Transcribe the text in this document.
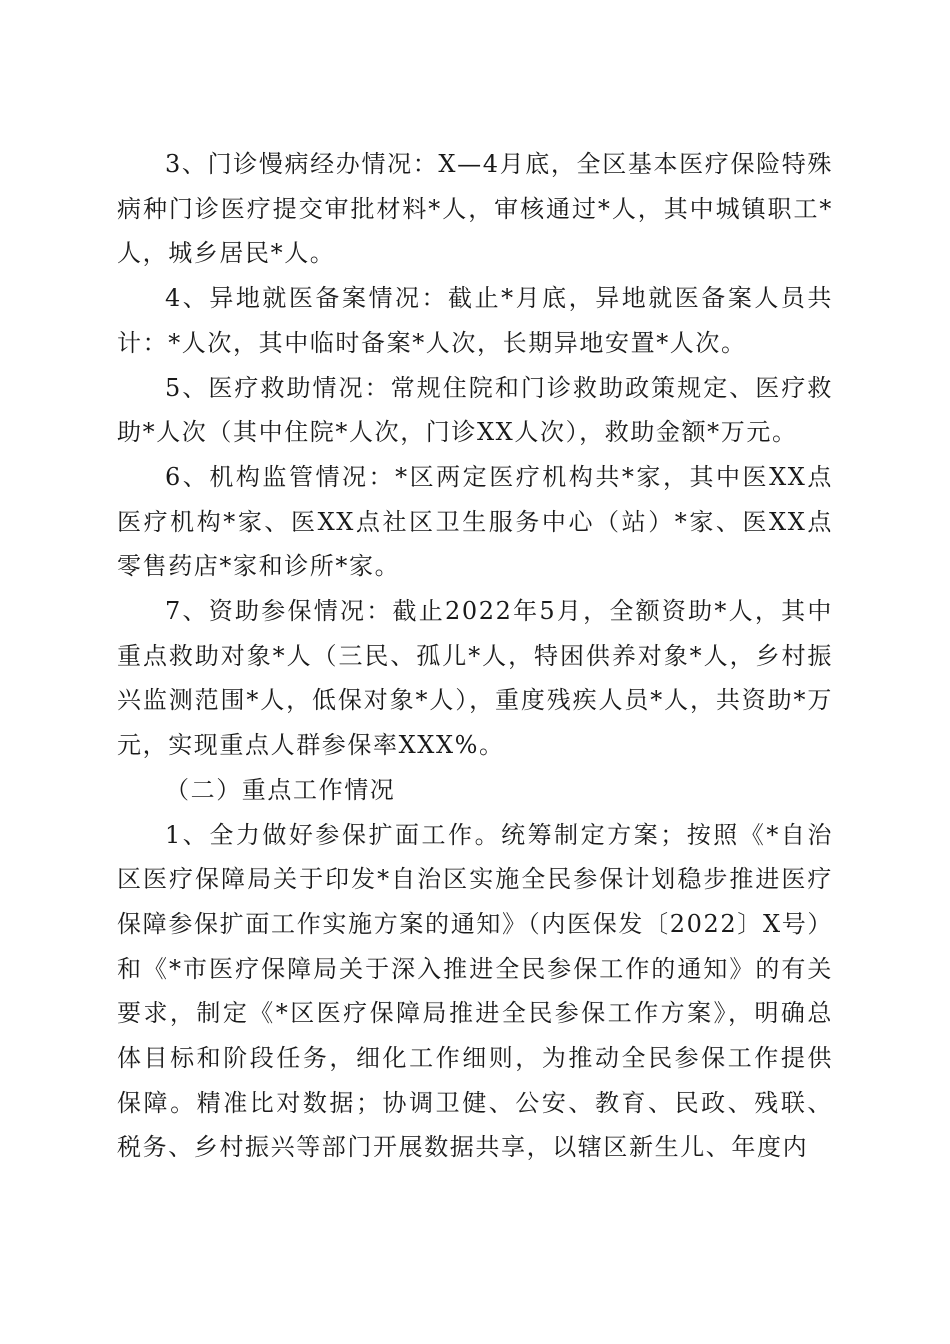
3、门诊慢病经办情况：X—4月底，全区基本医疗保险特殊病种门诊医疗提交审批材料*人，审核通过*人，其中城镇职工*人，城乡居民*人。

4、异地就医备案情况：截止*月底，异地就医备案人员共计：*人次，其中临时备案*人次，长期异地安置*人次。

5、医疗救助情况：常规住院和门诊救助政策规定、医疗救助*人次（其中住院*人次，门诊XX人次），救助金额*万元。

6、机构监管情况：*区两定医疗机构共*家，其中医XX点医疗机构*家、医XX点社区卫生服务中心（站）*家、医XX点零售药店*家和诊所*家。

7、资助参保情况：截止2022年5月，全额资助*人，其中重点救助对象*人（三民、孤儿*人，特困供养对象*人，乡村振兴监测范围*人，低保对象*人），重度残疾人员*人，共资助*万元，实现重点人群参保率XXX%。

（二）重点工作情况

1、全力做好参保扩面工作。统筹制定方案；按照《*自治区医疗保障局关于印发*自治区实施全民参保计划稳步推进医疗保障参保扩面工作实施方案的通知》（内医保发〔2022〕X号）和《*市医疗保障局关于深入推进全民参保工作的通知》的有关要求，制定《*区医疗保障局推进全民参保工作方案》，明确总体目标和阶段任务，细化工作细则，为推动全民参保工作提供保障。精准比对数据；协调卫健、公安、教育、民政、残联、税务、乡村振兴等部门开展数据共享，以辖区新生儿、年度内
